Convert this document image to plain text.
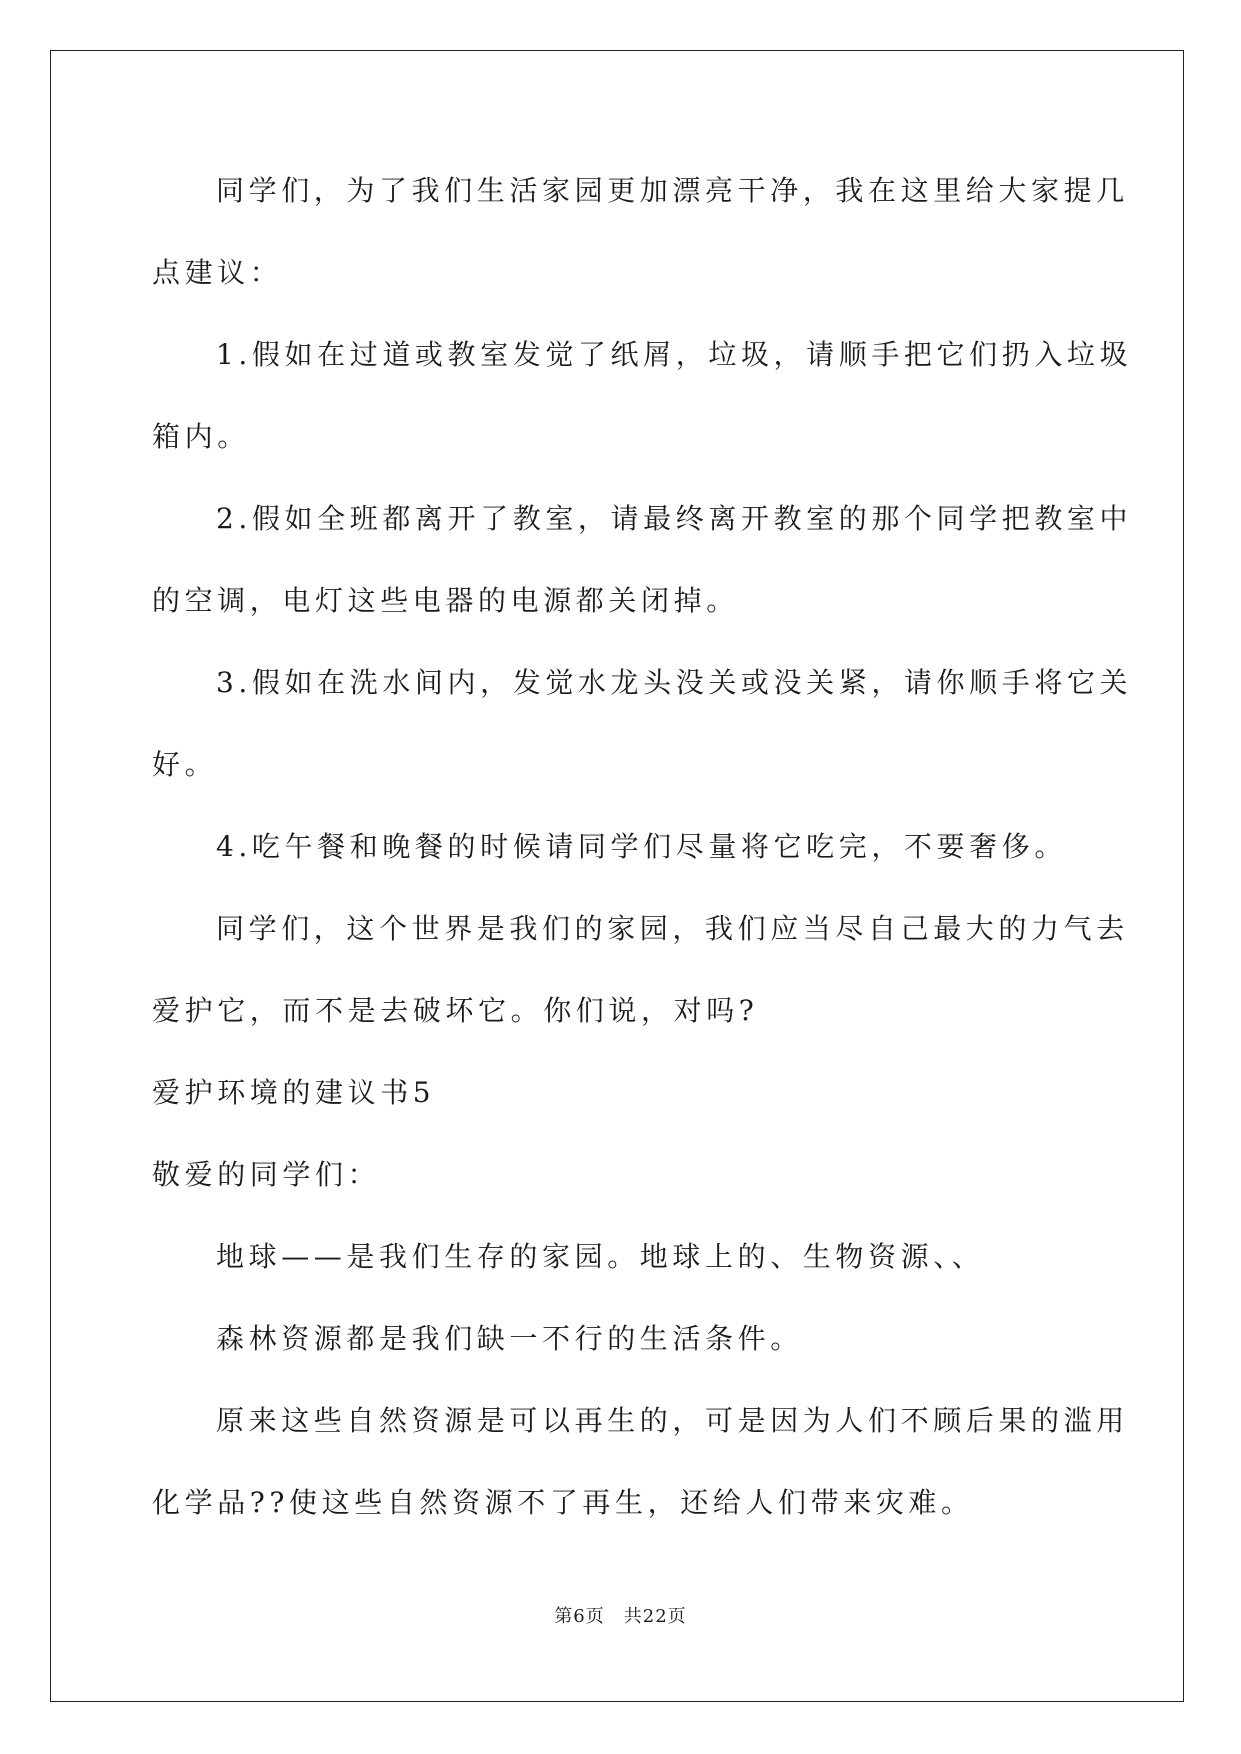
同学们，为了我们生活家园更加漂亮干净，我在这里给大家提几
点建议：
1.假如在过道或教室发觉了纸屑，垃圾，请顺手把它们扔入垃圾
箱内。
2.假如全班都离开了教室，请最终离开教室的那个同学把教室中
的空调，电灯这些电器的电源都关闭掉。
3.假如在洗水间内，发觉水龙头没关或没关紧，请你顺手将它关
好。
4.吃午餐和晚餐的时候请同学们尽量将它吃完，不要奢侈。
同学们，这个世界是我们的家园，我们应当尽自己最大的力气去
爱护它，而不是去破坏它。你们说，对吗?
爱护环境的建议书5
敬爱的同学们：
地球——是我们生存的家园。地球上的、生物资源、、
森林资源都是我们缺一不行的生活条件。
原来这些自然资源是可以再生的，可是因为人们不顾后果的滥用
化学品??使这些自然资源不了再生，还给人们带来灾难。
第6页　共22页
